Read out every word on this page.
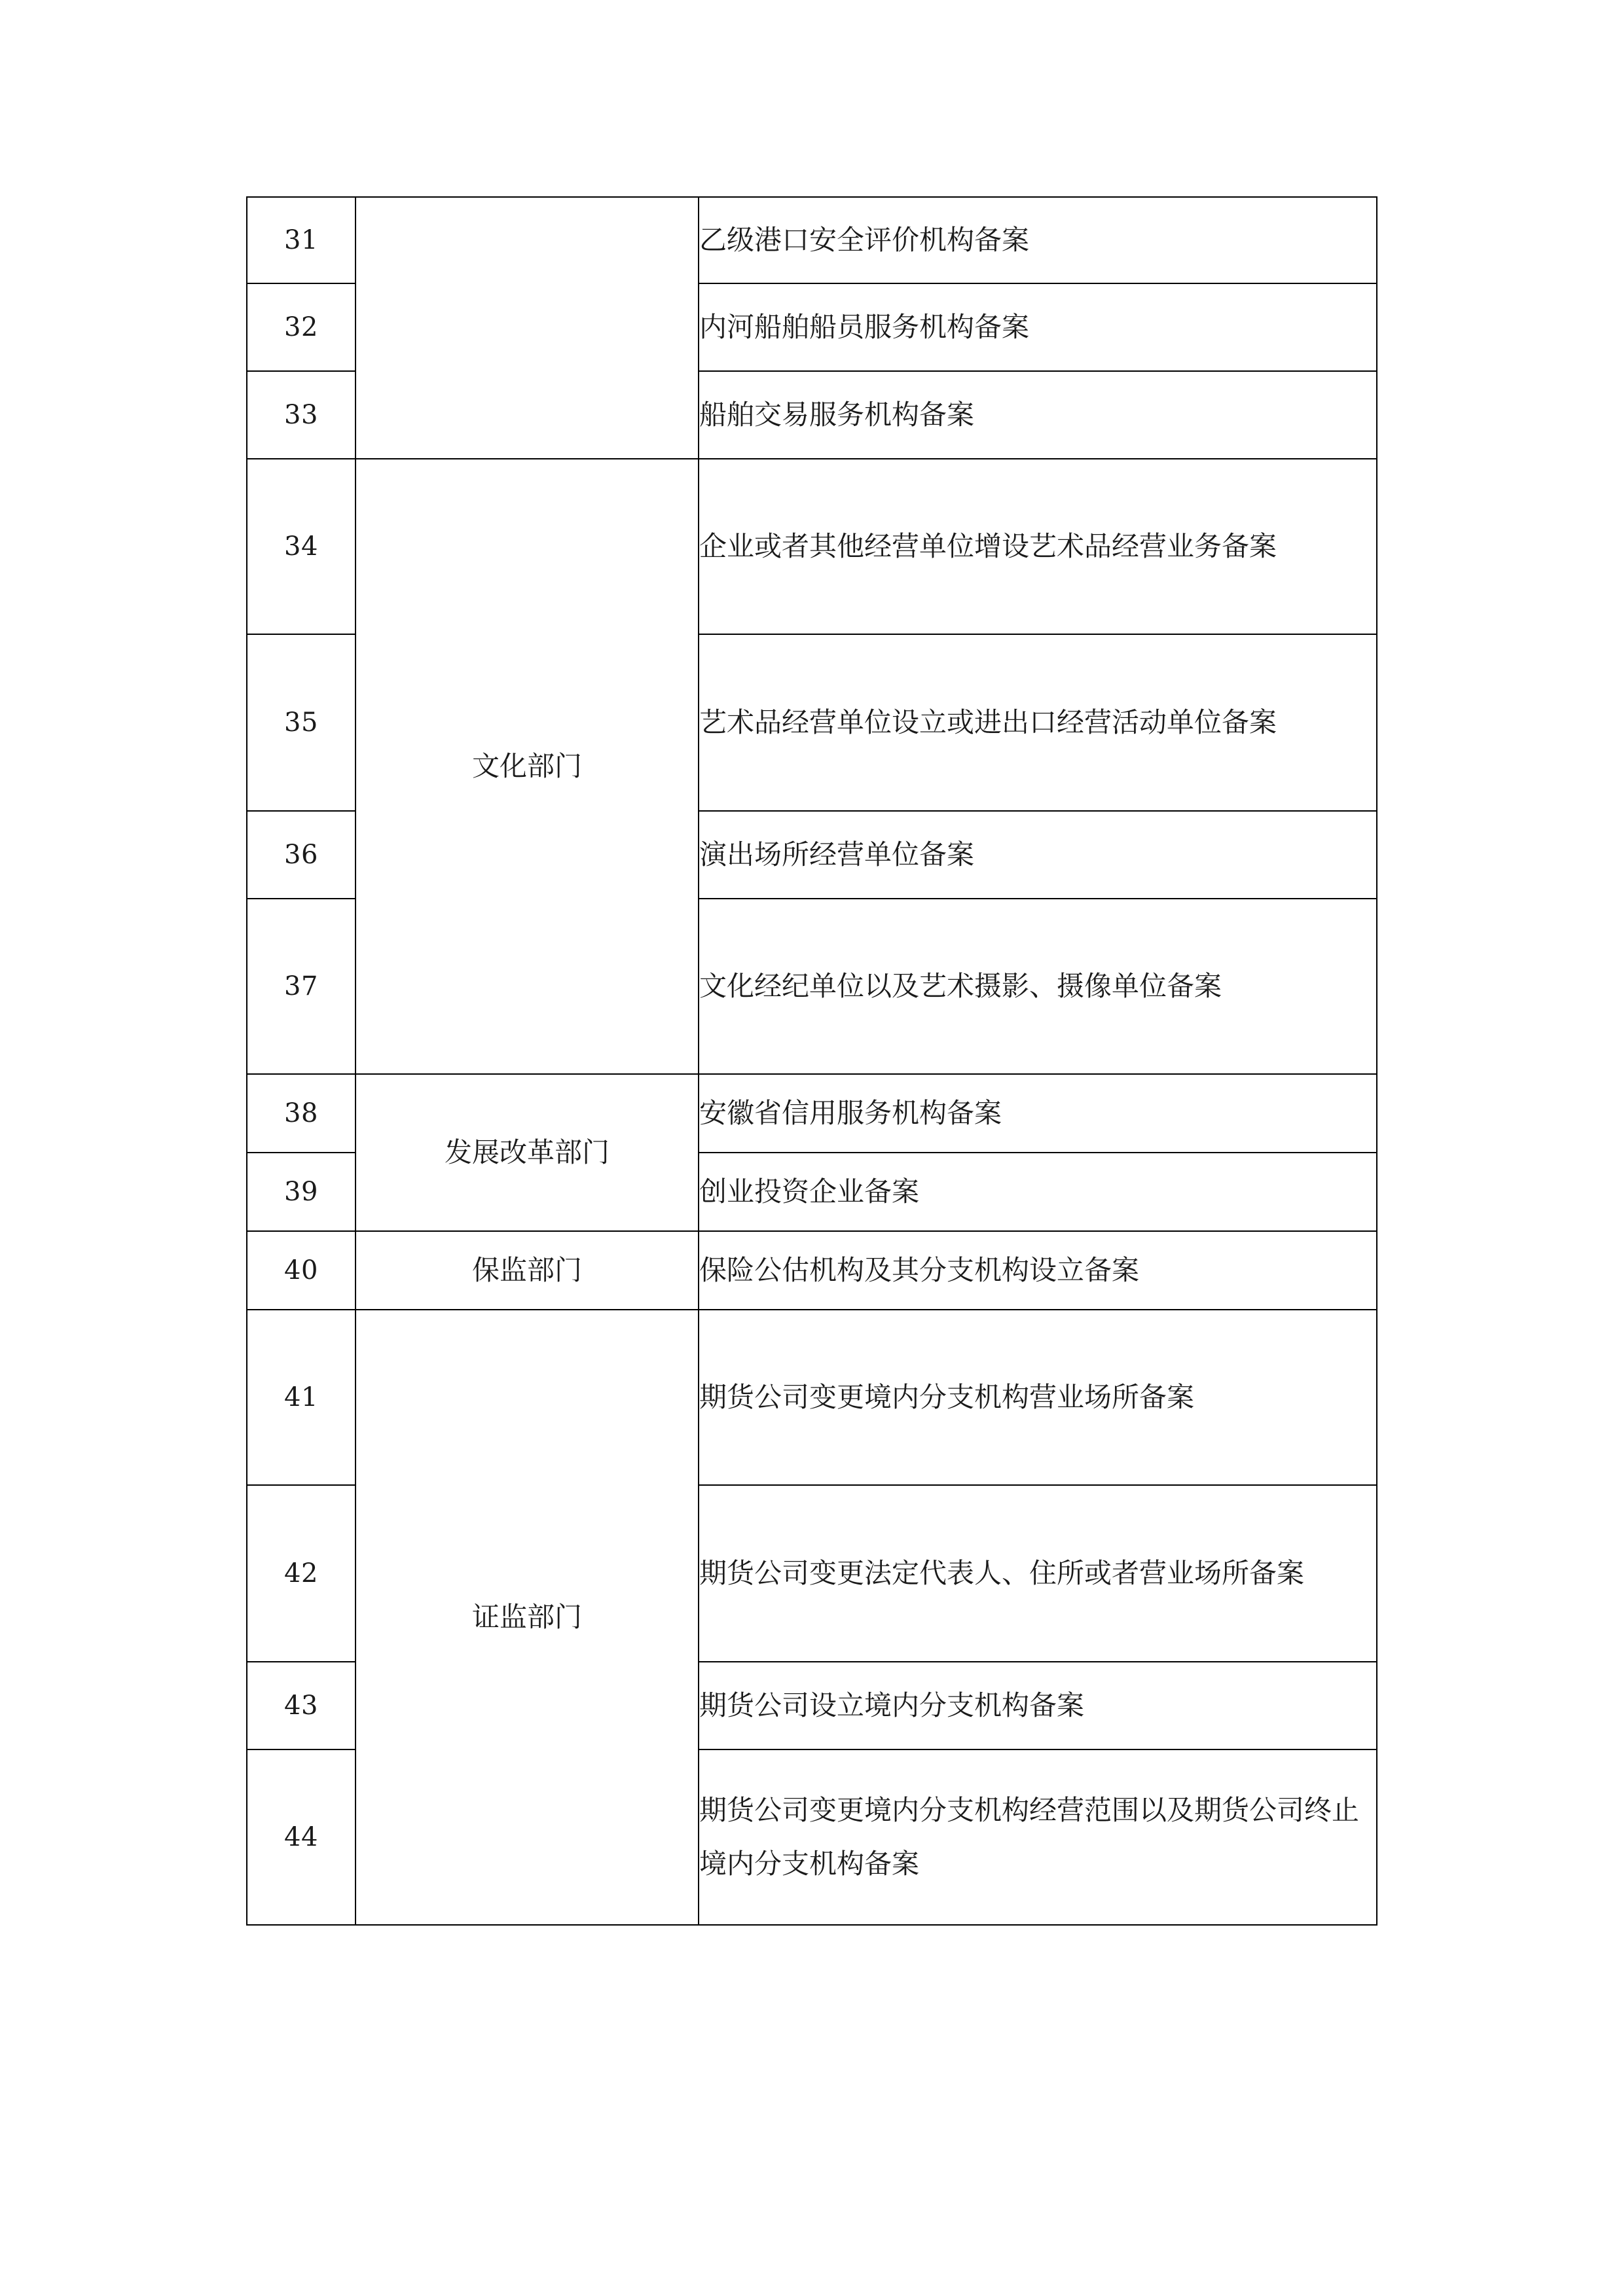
31		乙级港口安全评价机构备案
32		内河船舶船员服务机构备案
33		船舶交易服务机构备案
34	文化部门	企业或者其他经营单位增设艺术品经营业务备案
35		艺术品经营单位设立或进出口经营活动单位备案
36		演出场所经营单位备案
37		文化经纪单位以及艺术摄影、摄像单位备案
38	发展改革部门	安徽省信用服务机构备案
39		创业投资企业备案
40	保监部门	保险公估机构及其分支机构设立备案
41	证监部门	期货公司变更境内分支机构营业场所备案
42		期货公司变更法定代表人、住所或者营业场所备案
43		期货公司设立境内分支机构备案
44		期货公司变更境内分支机构经营范围以及期货公司终止境内分支机构备案
